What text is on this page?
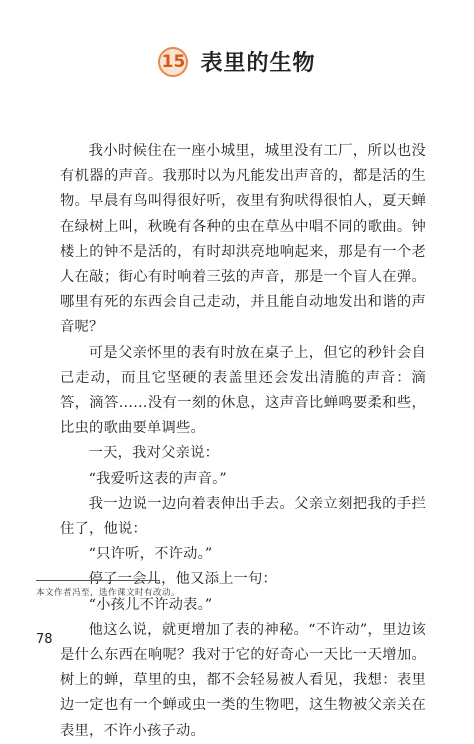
15 表里的生物

我小时候住在一座小城里，城里没有工厂，所以也没有机器的声音。我那时以为凡能发出声音的，都是活的生物。早晨有鸟叫得很好听，夜里有狗吠得很怕人，夏天蝉在绿树上叫，秋晚有各种的虫在草丛中唱不同的歌曲。钟楼上的钟不是活的，有时却洪亮地响起来，那是有一个老人在敲；街心有时响着三弦的声音，那是一个盲人在弹。哪里有死的东西会自己走动，并且能自动地发出和谐的声音呢？

可是父亲怀里的表有时放在桌子上，但它的秒针会自己走动，而且它坚硬的表盖里还会发出清脆的声音：滴答，滴答……没有一刻的休息，这声音比蝉鸣要柔和些，比虫的歌曲要单调些。

一天，我对父亲说：

“我爱听这表的声音。”

我一边说一边向着表伸出手去。父亲立刻把我的手拦住了，他说：

“只许听，不许动。”

停了一会儿，他又添上一句：

“小孩儿不许动表。”

他这么说，就更增加了表的神秘。“不许动”，里边该是什么东西在响呢？我对于它的好奇心一天比一天增加。树上的蝉，草里的虫，都不会轻易被人看见，我想：表里边一定也有一个蝉或虫一类的生物吧，这生物被父亲关在表里，不许小孩子动。

本文作者冯至，选作课文时有改动。
78
